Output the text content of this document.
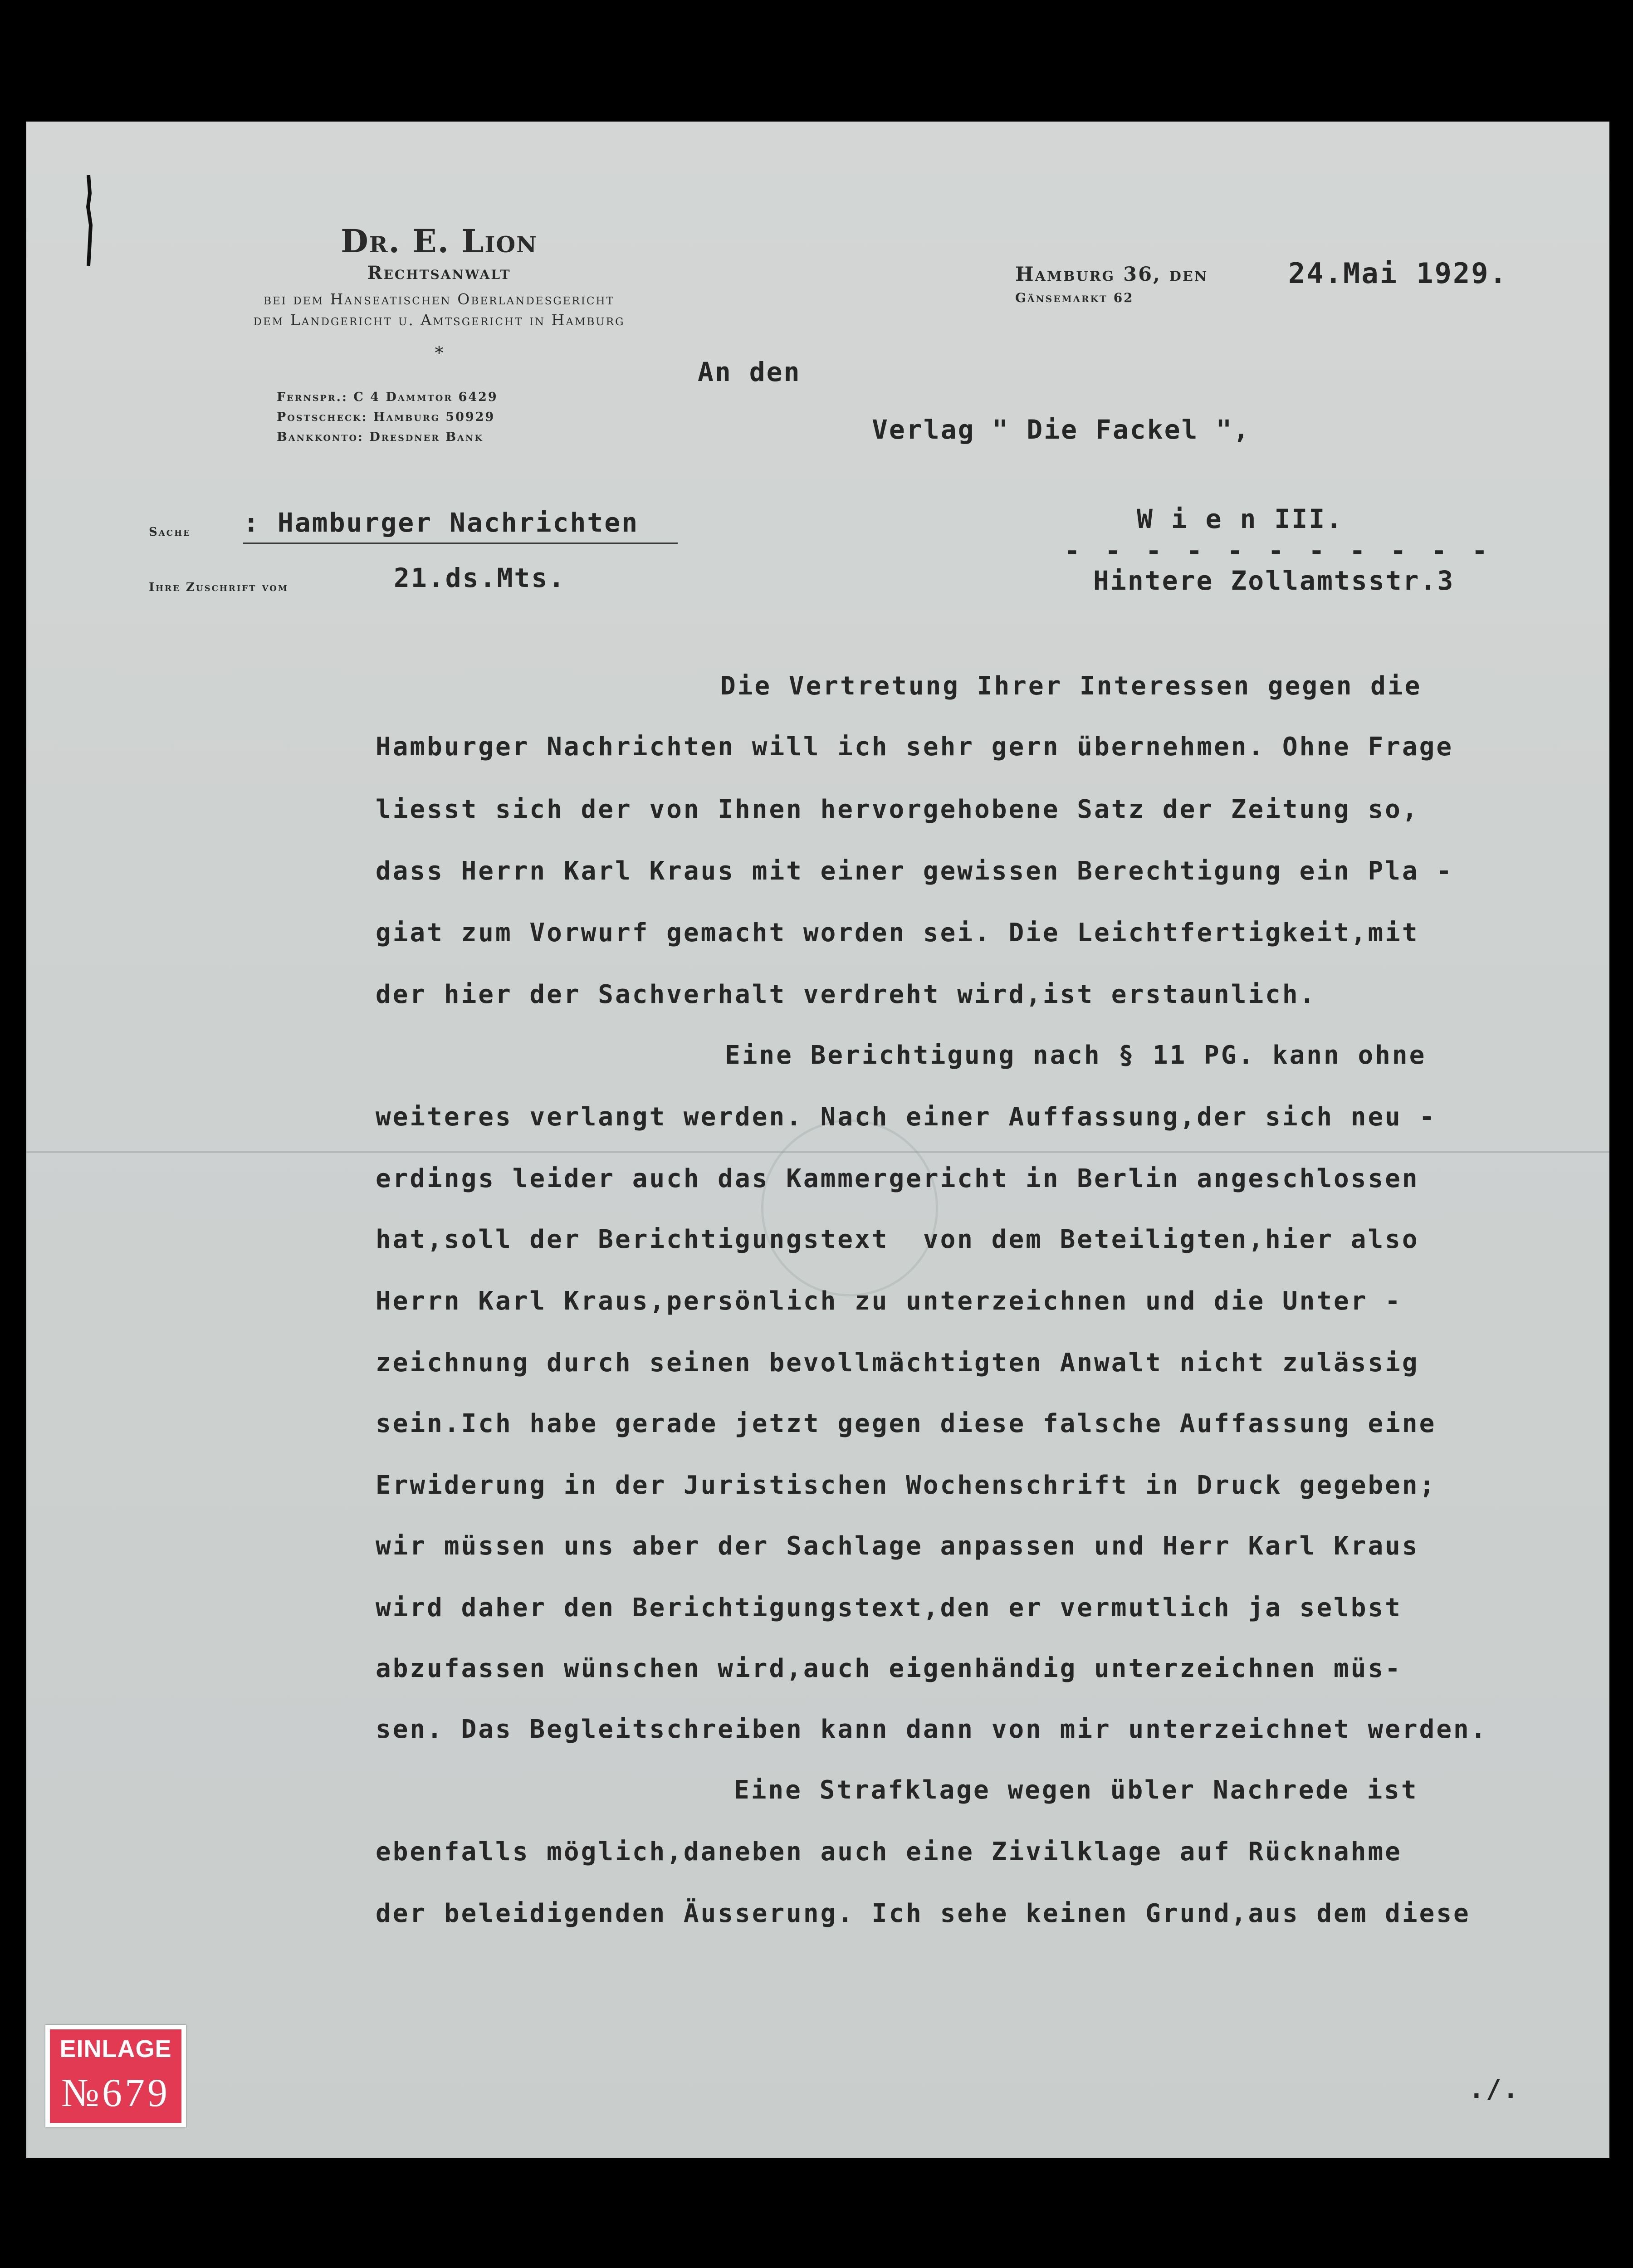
Dr. E. Lion
Rechtsanwalt
bei dem Hanseatischen Oberlandesgericht
dem Landgericht u. Amtsgericht in Hamburg
*
Fernspr.: C 4 Dammtor 6429
Postscheck: Hamburg 50929
Bankkonto: Dresdner Bank
Hamburg 36, den
Gänsemarkt 62
Sache
Ihre Zuschrift vom
24.Mai 1929.
An den
Verlag " Die Fackel ",
W i e n III.
- - - - - - - - - - -
Hintere Zollamtsstr.3
: Hamburger Nachrichten
21.ds.Mts.
Die Vertretung Ihrer Interessen gegen die
Hamburger Nachrichten will ich sehr gern übernehmen. Ohne Frage
liesst sich der von Ihnen hervorgehobene Satz der Zeitung so,
dass Herrn Karl Kraus mit einer gewissen Berechtigung ein Pla -
giat zum Vorwurf gemacht worden sei. Die Leichtfertigkeit,mit
der hier der Sachverhalt verdreht wird,ist erstaunlich.
Eine Berichtigung nach § 11 PG. kann ohne
weiteres verlangt werden. Nach einer Auffassung,der sich neu -
erdings leider auch das Kammergericht in Berlin angeschlossen
hat,soll der Berichtigungstext  von dem Beteiligten,hier also
Herrn Karl Kraus,persönlich zu unterzeichnen und die Unter -
zeichnung durch seinen bevollmächtigten Anwalt nicht zulässig
sein.Ich habe gerade jetzt gegen diese falsche Auffassung eine
Erwiderung in der Juristischen Wochenschrift in Druck gegeben;
wir müssen uns aber der Sachlage anpassen und Herr Karl Kraus
wird daher den Berichtigungstext,den er vermutlich ja selbst
abzufassen wünschen wird,auch eigenhändig unterzeichnen müs-
sen. Das Begleitschreiben kann dann von mir unterzeichnet werden.
Eine Strafklage wegen übler Nachrede ist
ebenfalls möglich,daneben auch eine Zivilklage auf Rücknahme
der beleidigenden Äusserung. Ich sehe keinen Grund,aus dem diese
./.
EINLAGE
№679
